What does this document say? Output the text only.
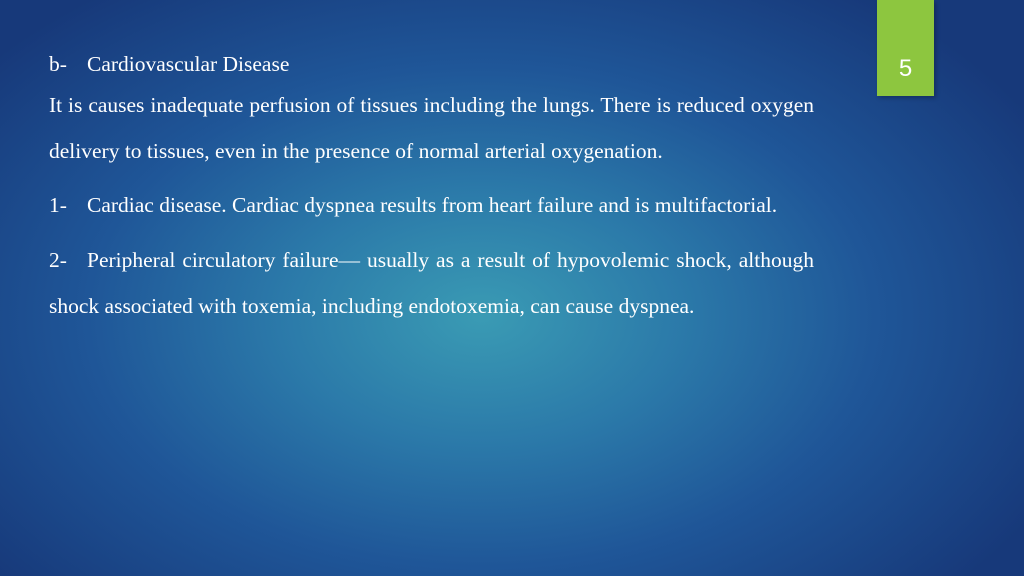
5

b- Cardiovascular Disease

It is causes inadequate perfusion of tissues including the lungs. There is reduced oxygen delivery to tissues, even in the presence of normal arterial oxygenation.

1- Cardiac disease. Cardiac dyspnea results from heart failure and is multifactorial.

2- Peripheral circulatory failure— usually as a result of hypovolemic shock, although shock associated with toxemia, including endotoxemia, can cause dyspnea.
